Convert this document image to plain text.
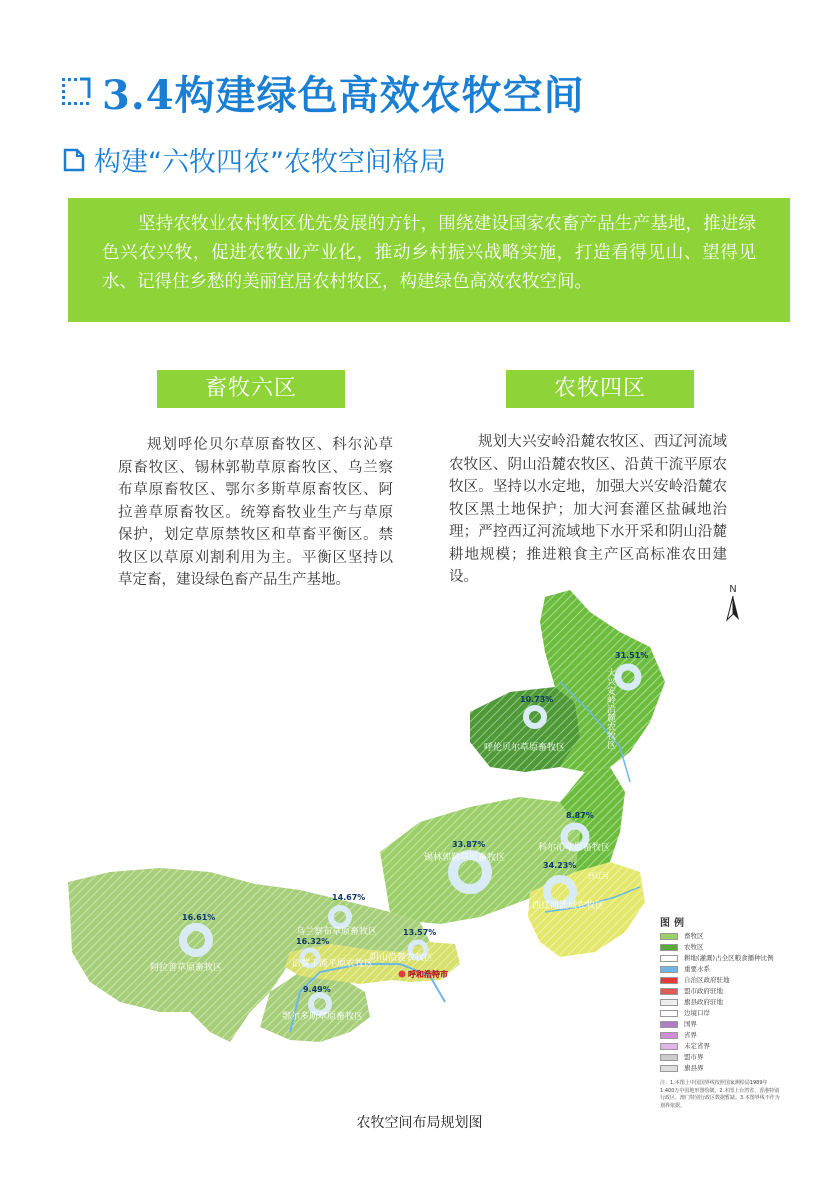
3.4构建绿色高效农牧空间
构建“六牧四农”农牧空间格局
坚持农牧业农村牧区优先发展的方针，围绕建设国家农畜产品生产基地，推进绿色兴农兴牧，促进农牧业产业化，推动乡村振兴战略实施，打造看得见山、望得见水、记得住乡愁的美丽宜居农村牧区，构建绿色高效农牧空间。
畜牧六区	农牧四区

规划呼伦贝尔草原畜牧区、科尔沁草原畜牧区、锡林郭勒草原畜牧区、乌兰察布草原畜牧区、鄂尔多斯草原畜牧区、阿拉善草原畜牧区。统筹畜牧业生产与草原保护，划定草原禁牧区和草畜平衡区。禁牧区以草原刈割利用为主。平衡区坚持以草定畜，建设绿色畜产品生产基地。

规划大兴安岭沿麓农牧区、西辽河流域农牧区、阴山沿麓农牧区、沿黄干流平原农牧区。坚持以水定地，加强大兴安岭沿麓农牧区黑土地保护；加大河套灌区盐碱地治理；严控西辽河流域地下水开采和阴山沿麓耕地规模；推进粮食主产区高标准农田建设。

31.51%
10.73%
8.87%
33.87%
34.23%
14.67%
13.57%
16.32%
9.49%
16.61%
大兴安岭沿麓农牧区
呼伦贝尔草原畜牧区
科尔沁草原畜牧区
锡林郭勒草原畜牧区
西辽河流域农牧区
乌兰察布草原畜牧区
阴山沿麓农牧区
沿黄干流平原农牧区
鄂尔多斯草原畜牧区
阿拉善草原畜牧区
呼和浩特市
西辽河
N
图例
畜牧区
农牧区
耕地(灌溉)占全区粮食播种比例
重要水系
自治区政府驻地
盟市政府驻地
旗县政府驻地
边境口岸
国界
省界
未定省界
盟市界
旗县界
注：1.本图上中国国界线按照国家测绘局1989年1:400万中国地形图绘制。2.本图上台湾省、香港特别行政区、澳门特别行政区数据暂缺。3.本图界线不作为划界依据。
农牧空间布局规划图
